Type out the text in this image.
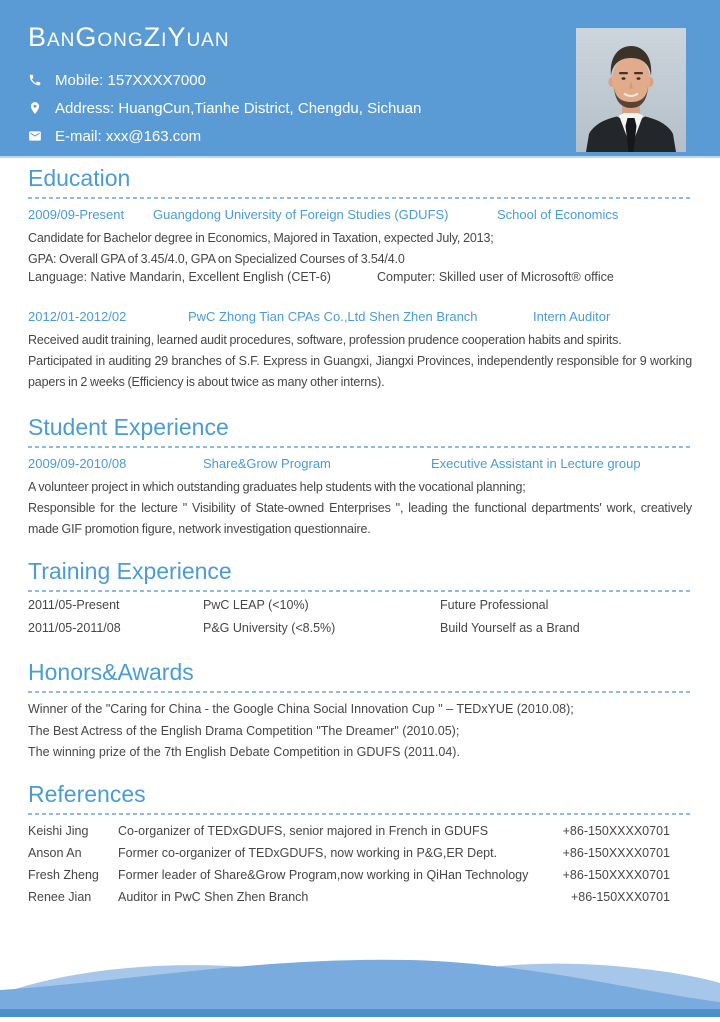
BanGongZiYuan
Mobile: 157XXXX7000
Address: HuangCun,Tianhe District, Chengdu, Sichuan
E-mail: xxx@163.com
Education
2009/09-Present Guangdong University of Foreign Studies (GDUFS)	School of Economics

Candidate for Bachelor degree in Economics, Majored in Taxation, expected July, 2013;

GPA: Overall GPA of 3.45/4.0, GPA on Specialized Courses of 3.54/4.0

Language: Native Mandarin, Excellent English (CET-6)	Computer: Skilled user of Microsoft® office
2012/01-2012/02	PwC Zhong Tian CPAs Co.,Ltd Shen Zhen Branch	Intern Auditor

Received audit training, learned audit procedures, software, profession prudence cooperation habits and spirits.

Participated in auditing 29 branches of S.F. Express in Guangxi, Jiangxi Provinces, independently responsible for 9 working papers in 2 weeks (Efficiency is about twice as many other interns).

Student Experience
2009/09-2010/08	Share&Grow Program	Executive Assistant in Lecture group

A volunteer project in which outstanding graduates help students with the vocational planning;

Responsible for the lecture " Visibility of State-owned Enterprises ", leading the functional departments' work, creatively made GIF promotion figure, network investigation questionnaire.

Training Experience
2011/05-Present	PwC LEAP (<10%)	Future Professional
2011/05-2011/08	P&G University (<8.5%)	Build Yourself as a Brand
Honors&Awards

Winner of the "Caring for China - the Google China Social Innovation Cup " – TEDxYUE (2010.08);

The Best Actress of the English Drama Competition "The Dreamer" (2010.05);

The winning prize of the 7th English Debate Competition in GDUFS (2011.04).

References
Keishi Jing	Co-organizer of TEDxGDUFS, senior majored in French in GDUFS	+86-150XXXX0701
Anson An	Former co-organizer of TEDxGDUFS, now working in P&G,ER Dept.	+86-150XXXX0701
Fresh Zheng	Former leader of Share&Grow Program,now working in QiHan Technology	+86-150XXXX0701
Renee Jian	Auditor in PwC Shen Zhen Branch	+86-150XXX0701
